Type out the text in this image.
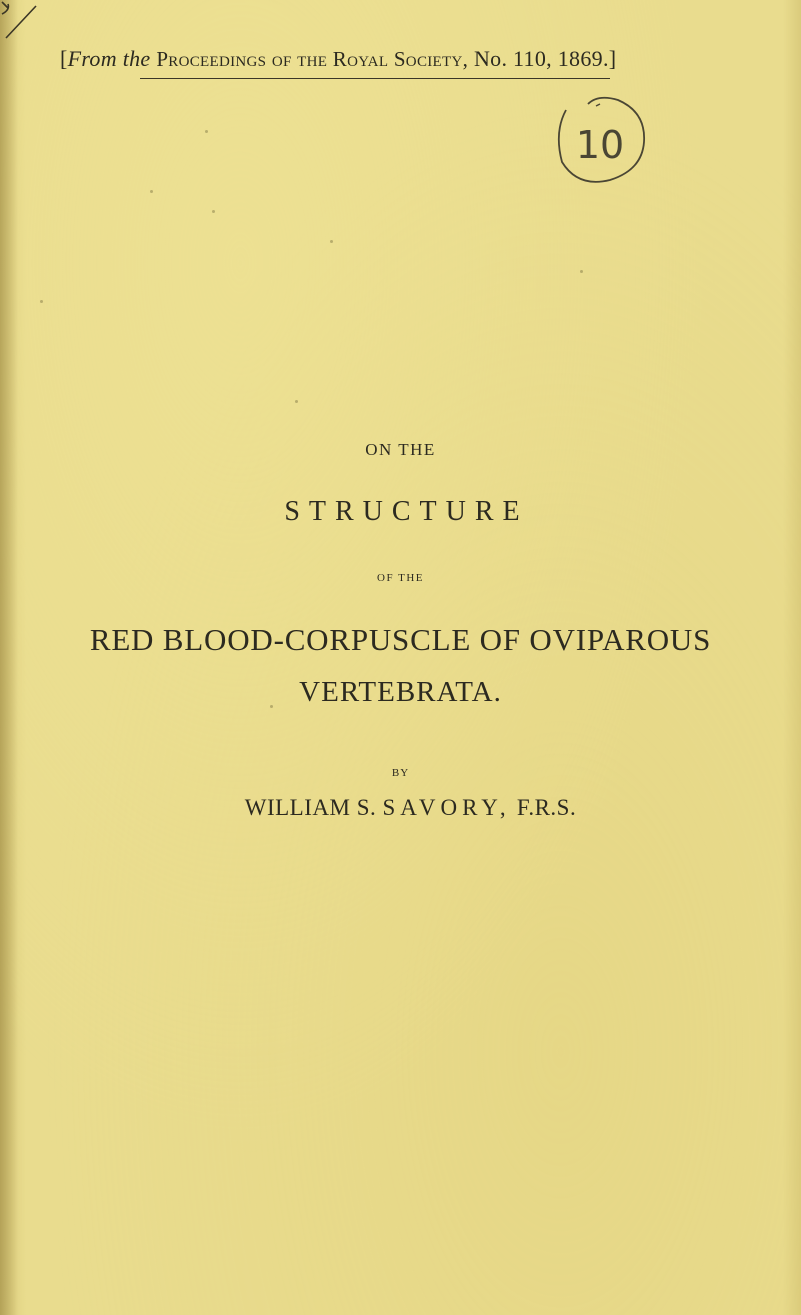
[From the Proceedings of the Royal Society, No. 110, 1869.]
10
ON THE
STRUCTURE
OF THE
RED BLOOD-CORPUSCLE OF OVIPAROUS
VERTEBRATA.
BY
WILLIAM S. SAVORY, F.R.S.
